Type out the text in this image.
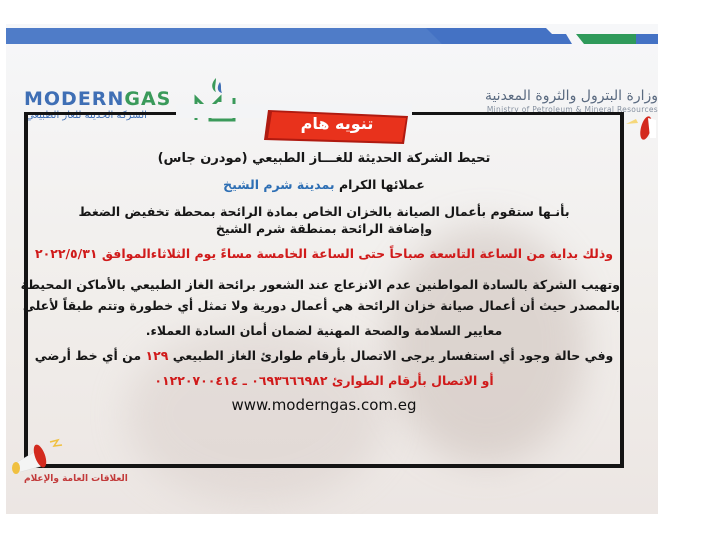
MODERNGAS
الشركة الحديثة للغاز الطبيعي
وزارة البترول والثروة المعدنية
Ministry of Petroleum & Mineral Resources
تنويه هام
تحيط الشركة الحديثة للغـــاز الطبيعي (مودرن جاس)
عملائها الكرام بمدينة شرم الشيخ
بأنـها ستقوم بأعمال الصيانة بالخزان الخاص بمادة الرائحة بمحطة تخفيض الضغط
وإضافة الرائحة بمنطقة شرم الشيخ
وذلك بداية من الساعة التاسعة صباحاً حتى الساعة الخامسة مساءً يوم الثلاثاءالموافق ٢٠٢٢/٥/٣١
وتهيب الشركة بالسادة المواطنين عدم الانزعاج عند الشعور برائحة الغاز الطبيعي بالأماكن المحيطة
بالمصدر حيث أن أعمال صيانة خزان الرائحة هي أعمال دورية ولا تمثل أي خطورة وتتم طبقاً لأعلى
معايير السلامة والصحة المهنية لضمان أمان السادة العملاء.
وفي حالة وجود أي استفسار يرجى الاتصال بأرقام طوارئ الغاز الطبيعي ١٢٩ من أي خط أرضي
أو الاتصال بأرقام الطوارئ ٠٦٩٣٦٦٦٩٨٢ ـ ٠١٢٢٠٧٠٠٤١٤
www.moderngas.com.eg
العلاقات العامة والإعلام
